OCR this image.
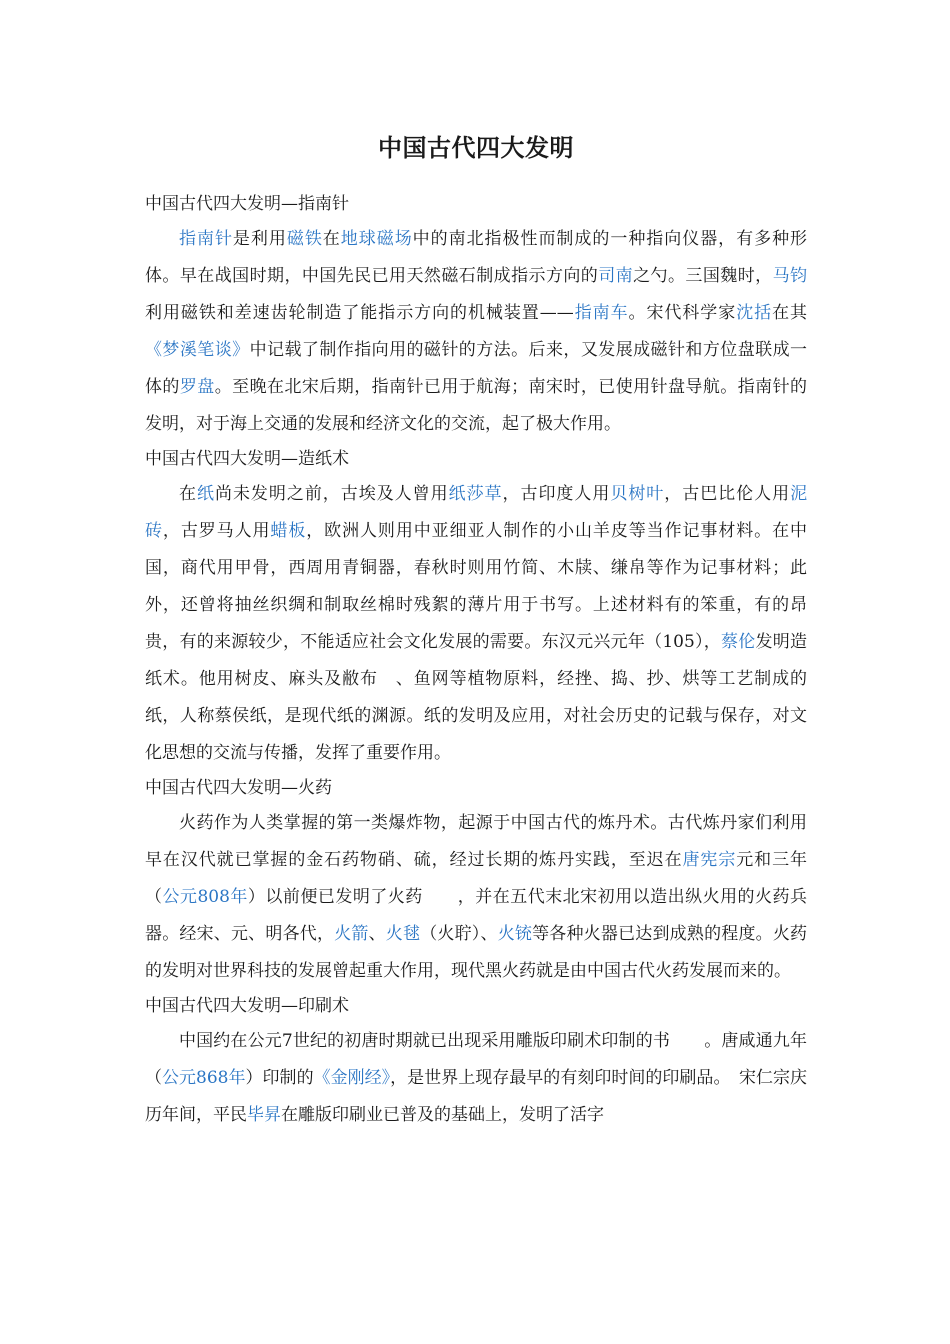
中国古代四大发明

中国古代四大发明—指南针

指南针是利用磁铁在地球磁场中的南北指极性而制成的一种指向仪器，有多种形体。早在战国时期，中国先民已用天然磁石制成指示方向的司南之勺。三国魏时，马钧利用磁铁和差速齿轮制造了能指示方向的机械装置——指南车。宋代科学家沈括在其《梦溪笔谈》中记载了制作指向用的磁针的方法。后来，又发展成磁针和方位盘联成一体的罗盘。至晚在北宋后期，指南针已用于航海；南宋时，已使用针盘导航。指南针的发明，对于海上交通的发展和经济文化的交流，起了极大作用。

中国古代四大发明—造纸术

在纸尚未发明之前，古埃及人曾用纸莎草，古印度人用贝树叶，古巴比伦人用泥砖，古罗马人用蜡板，欧洲人则用中亚细亚人制作的小山羊皮等当作记事材料。在中国，商代用甲骨，西周用青铜器，春秋时则用竹简、木牍、缣帛等作为记事材料；此外，还曾将抽丝织绸和制取丝棉时残絮的薄片用于书写。上述材料有的笨重，有的昂贵，有的来源较少，不能适应社会文化发展的需要。东汉元兴元年（105），蔡伦发明造纸术。他用树皮、麻头及敝布　、鱼网等植物原料，经挫、捣、抄、烘等工艺制成的纸，人称蔡侯纸，是现代纸的渊源。纸的发明及应用，对社会历史的记载与保存，对文化思想的交流与传播，发挥了重要作用。

中国古代四大发明—火药

火药作为人类掌握的第一类爆炸物，起源于中国古代的炼丹术。古代炼丹家们利用早在汉代就已掌握的金石药物硝、硫，经过长期的炼丹实践，至迟在唐宪宗元和三年（公元808年）以前便已发明了火药　　，并在五代末北宋初用以造出纵火用的火药兵器。经宋、元、明各代，火箭、火毬（火聍）、火铳等各种火器已达到成熟的程度。火药的发明对世界科技的发展曾起重大作用，现代黑火药就是由中国古代火药发展而来的。

中国古代四大发明—印刷术

中国约在公元7世纪的初唐时期就已出现采用雕版印刷术印制的书　　。唐咸通九年（公元868年）印制的《金刚经》，是世界上现存最早的有刻印时间的印刷品。　宋仁宗庆历年间，平民毕昇在雕版印刷业已普及的基础上，发明了活字
